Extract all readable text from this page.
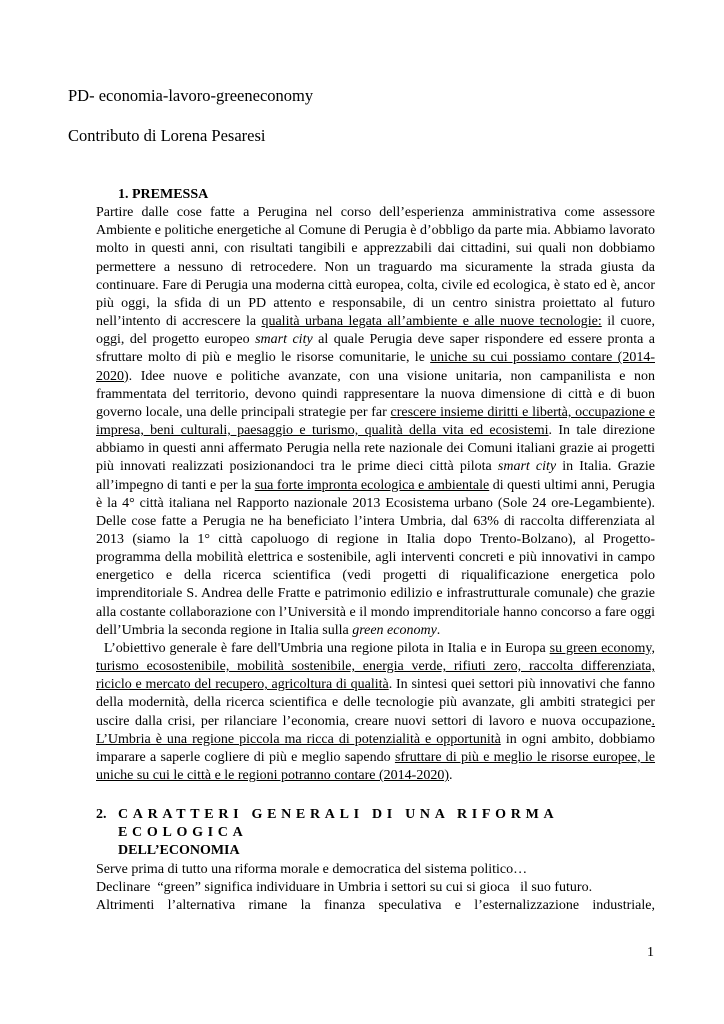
PD- economia-lavoro-greeneconomy
Contributo di Lorena Pesaresi
1. PREMESSA
Partire dalle cose fatte a Perugina nel corso dell’esperienza amministrativa come assessore Ambiente e politiche energetiche al Comune di Perugia è d’obbligo da parte mia. Abbiamo lavorato molto in questi anni, con risultati tangibili e apprezzabili dai cittadini, sui quali non dobbiamo permettere a nessuno di retrocedere. Non un traguardo ma sicuramente la strada giusta da continuare. Fare di Perugia una moderna città europea, colta, civile ed ecologica, è stato ed è, ancor più oggi, la sfida di un PD attento e responsabile, di un centro sinistra proiettato al futuro nell’intento di accrescere la qualità urbana legata all’ambiente e alle nuove tecnologie: il cuore, oggi, del progetto europeo smart city al quale Perugia deve saper rispondere ed essere pronta a sfruttare molto di più e meglio le risorse comunitarie, le uniche su cui possiamo contare (2014-2020). Idee nuove e politiche avanzate, con una visione unitaria, non campanilista e non frammentata del territorio, devono quindi rappresentare la nuova dimensione di città e di buon governo locale, una delle principali strategie per far crescere insieme diritti e libertà, occupazione e impresa, beni culturali, paesaggio e turismo, qualità della vita ed ecosistemi. In tale direzione abbiamo in questi anni affermato Perugia nella rete nazionale dei Comuni italiani grazie ai progetti più innovati realizzati posizionandoci tra le prime dieci città pilota smart city in Italia. Grazie all’impegno di tanti e per la sua forte impronta ecologica e ambientale di questi ultimi anni, Perugia è la 4° città italiana nel Rapporto nazionale 2013 Ecosistema urbano (Sole 24 ore-Legambiente). Delle cose fatte a Perugia ne ha beneficiato l’intera Umbria, dal 63% di raccolta differenziata al 2013 (siamo la 1° città capoluogo di regione in Italia dopo Trento-Bolzano), al Progetto-programma della mobilità elettrica e sostenibile, agli interventi concreti e più innovativi in campo energetico e della ricerca scientifica (vedi progetti di riqualificazione energetica polo imprenditoriale S. Andrea delle Fratte e patrimonio edilizio e infrastrutturale comunale) che grazie alla costante collaborazione con l’Università e il mondo imprenditoriale hanno concorso a fare oggi dell’Umbria la seconda regione in Italia sulla green economy.
L’obiettivo generale è fare dell'Umbria una regione pilota in Italia e in Europa su green economy, turismo ecosostenibile, mobilità sostenibile, energia verde, rifiuti zero, raccolta differenziata, riciclo e mercato del recupero, agricoltura di qualità. In sintesi quei settori più innovativi che fanno della modernità, della ricerca scientifica e delle tecnologie più avanzate, gli ambiti strategici per uscire dalla crisi, per rilanciare l’economia, creare nuovi settori di lavoro e nuova occupazione. L’Umbria è una regione piccola ma ricca di potenzialità e opportunità in ogni ambito, dobbiamo imparare a saperle cogliere di più e meglio sapendo sfruttare di più e meglio le risorse europee, le uniche su cui le città e le regioni potranno contare (2014-2020).
2. CARATTERI GENERALI DI UNA RIFORMA ECOLOGICA
DELL’ECONOMIA
Serve prima di tutto una riforma morale e democratica del sistema politico…
Declinare  “green” significa individuare in Umbria i settori su cui si gioca   il suo futuro.
Altrimenti l’alternativa rimane la finanza speculativa e l’esternalizzazione industriale,
1
